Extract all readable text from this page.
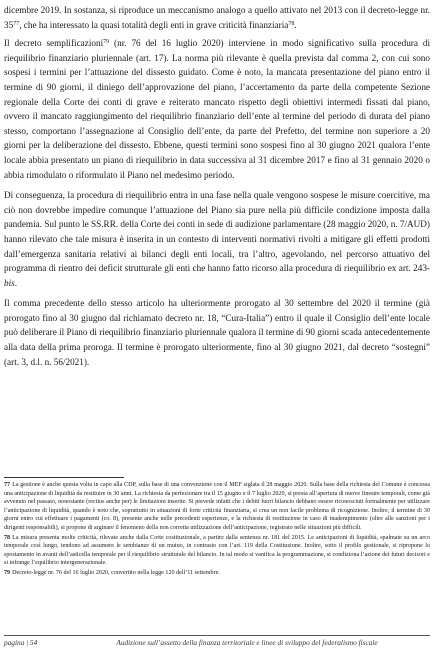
dicembre 2019. In sostanza, si riproduce un meccanismo analogo a quello attivato nel 2013 con il decreto-legge nr. $35^{77}$, che ha interessato la quasi totalità degli enti in grave criticità finanziaria$^{78}$.

Il decreto semplificazioni$^{79}$ (nr. 76 del 16 luglio 2020) interviene in modo significativo sulla procedura di riequilibrio finanziario pluriennale (art. 17). La norma più rilevante è quella prevista dal comma 2, con cui sono sospesi i termini per l’attuazione del dissesto guidato. Come è noto, la mancata presentazione del piano entro il termine di 90 giorni, il diniego dell’approvazione del piano, l’accertamento da parte della competente Sezione regionale della Corte dei conti di grave e reiterato mancato rispetto degli obiettivi intermedi fissati dal piano, ovvero il mancato raggiungimento del riequilibrio finanziario dell’ente al termine del periodo di durata del piano stesso, comportano l’assegnazione al Consiglio dell’ente, da parte del Prefetto, del termine non superiore a 20 giorni per la deliberazione del dissesto. Ebbene, questi termini sono sospesi fino al 30 giugno 2021 qualora l’ente locale abbia presentato un piano di riequilibrio in data successiva al 31 dicembre 2017 e fino al 31 gennaio 2020 o abbia rimodulato o riformulato il Piano nel medesimo periodo.

Di conseguenza, la procedura di riequilibrio entra in una fase nella quale vengono sospese le misure coercitive, ma ciò non dovrebbe impedire comunque l’attuazione del Piano sia pure nella più difficile condizione imposta dalla pandemia. Sul punto le SS.RR. della Corte dei conti in sede di audizione parlamentare (28 maggio 2020, n. 7/AUD) hanno rilevato che tale misura è inserita in un contesto di interventi normativi rivolti a mitigare gli effetti prodotti dall’emergenza sanitaria relativi ai bilanci degli enti locali, tra l’altro, agevolando, nel percorso attuativo del programma di rientro dei deficit strutturale gli enti che hanno fatto ricorso alla procedura di riequilibrio ex art. 243-bis.

Il comma precedente dello stesso articolo ha ulteriormente prorogato al 30 settembre del 2020 il termine (già prorogato fino al 30 giugno dal richiamato decreto nr. 18, “Cura-Italia”) entro il quale il Consiglio dell’ente locale può deliberare il Piano di riequilibrio finanziario pluriennale qualora il termine di 90 giorni scada antecedentemente alla data della prima proroga. Il termine è prorogato ulteriormente, fino al 30 giugno 2021, dal decreto “sostegni” (art. 3, d.l. n. 56/2021).

77 La gestione è anche questa volta in capo alla CDP, sulla base di una convenzione con il MEF siglata il 28 maggio 2020. Sulla base della richiesta del Comune è concessa una anticipazione di liquidità da restituire in 30 anni. La richiesta da perfezionare tra il 15 giugno e il 7 luglio 2020, si presta all’apertura di nuove finestre temporali, come già avvenuto nel passato, nonostante (rectius anche per) le limitazioni inserite. Si prevede infatti che i debiti fuori bilancio debbano essere riconosciuti formalmente per utilizzare l’anticipazione di liquidità, quando è noto che, soprattutto in situazioni di forte criticità finanziaria, si crea un non facile problema di ricognizione. Inoltre, il termine di 30 giorni entro cui effettuare i pagamenti (co. 8), presente anche nelle precedenti esperienze, e la richiesta di restituzione in caso di inadempimento (oltre alle sanzioni per i dirigenti responsabili), si propone di arginare il fenomeno della non corretta utilizzazione dell’anticipazione, registrato nelle situazioni più difficili.

78 La misura presenta molte criticità, rilevate anche dalla Corte costituzionale, a partire dalla sentenza nr. 181 del 2015. Le anticipazioni di liquidità, spalmate su un arco temporale così lungo, tendono ad assumere le sembianze di un mutuo, in contrasto con l’art. 119 della Costituzione. Inoltre, sotto il profilo gestionale, si ripropone lo spostamento in avanti dell’asticella temporale per il riequilibrio strutturale del bilancio. In tal modo si vanifica la programmazione, si condiziona l’azione dei futuri decisori e si infrange l’equilibrio intergenerazionale.

79 Decreto-legge nr. 76 del 16 luglio 2020, convertito nella legge 120 dell’11 settembre.

pagina | 54	Audizione sull’assetto della finanza territoriale e linee di sviluppo del federalismo fiscale
